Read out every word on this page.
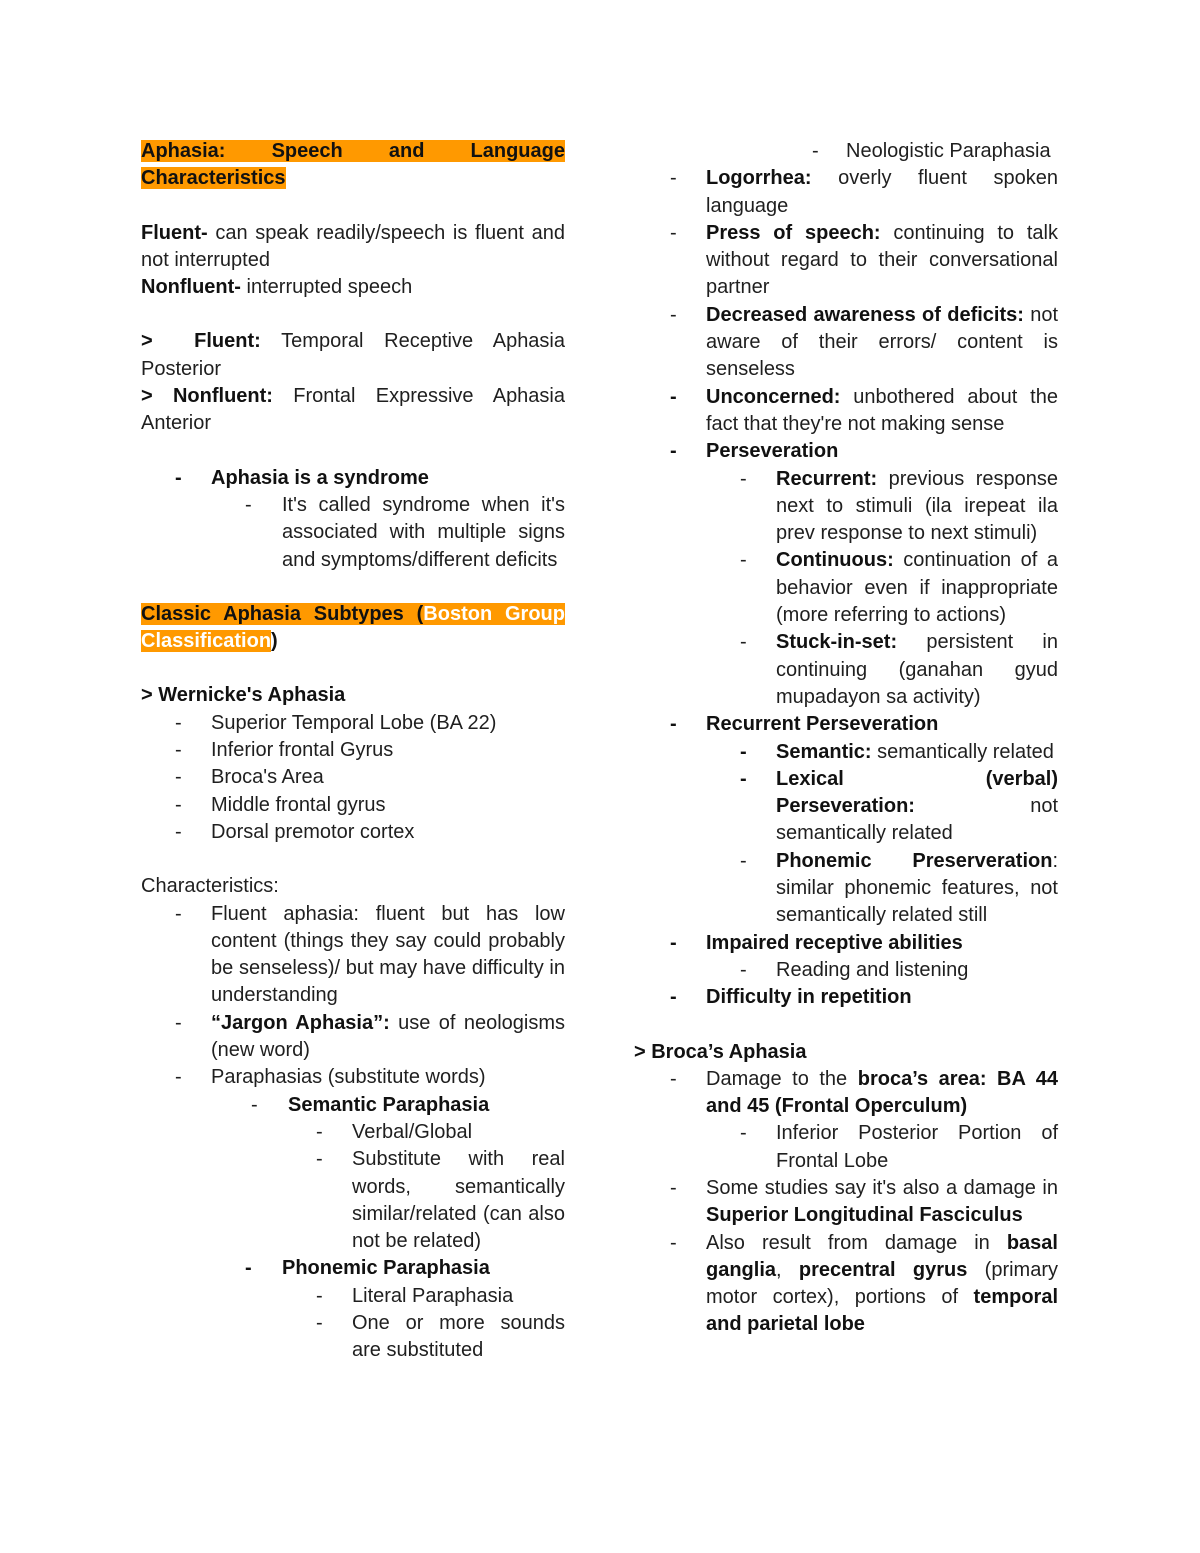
Aphasia: Speech and Language

Characteristics

Fluent- can speak readily/speech is fluent and not interrupted

Nonfluent- interrupted speech

> Fluent: Temporal Receptive Aphasia Posterior

> Nonfluent: Frontal Expressive Aphasia Anterior

- Aphasia is a syndrome
- It's called syndrome when it's associated with multiple signs and symptoms/different deficits

Classic Aphasia Subtypes (Boston Group

Classification)

> Wernicke's Aphasia

- Superior Temporal Lobe (BA 22)
- Inferior frontal Gyrus
- Broca's Area
- Middle frontal gyrus
- Dorsal premotor cortex

Characteristics:

- Fluent aphasia: fluent but has low content (things they say could probably be senseless)/ but may have difficulty in understanding
- “Jargon Aphasia”: use of neologisms (new word)
- Paraphasias (substitute words)
- Semantic Paraphasia
- Verbal/Global
- Substitute with real words, semantically similar/related (can also not be related)
- Phonemic Paraphasia
- Literal Paraphasia
- One or more sounds are substituted
- Neologistic Paraphasia
- Logorrhea: overly fluent spoken language
- Press of speech: continuing to talk without regard to their conversational partner
- Decreased awareness of deficits: not aware of their errors/ content is senseless
- Unconcerned: unbothered about the fact that they're not making sense
- Perseveration
- Recurrent: previous response next to stimuli (ila irepeat ila prev response to next stimuli)
- Continuous: continuation of a behavior even if inappropriate (more referring to actions)
- Stuck-in-set: persistent in continuing (ganahan gyud mupadayon sa activity)
- Recurrent Perseveration
- Semantic: semantically related
- Lexical (verbal) Perseveration: not semantically related
- Phonemic Preserveration: similar phonemic features, not semantically related still
- Impaired receptive abilities
- Reading and listening
- Difficulty in repetition

> Broca’s Aphasia

- Damage to the broca’s area: BA 44 and 45 (Frontal Operculum)
- Inferior Posterior Portion of Frontal Lobe
- Some studies say it's also a damage in Superior Longitudinal Fasciculus
- Also result from damage in basal ganglia, precentral gyrus (primary motor cortex), portions of temporal and parietal lobe
